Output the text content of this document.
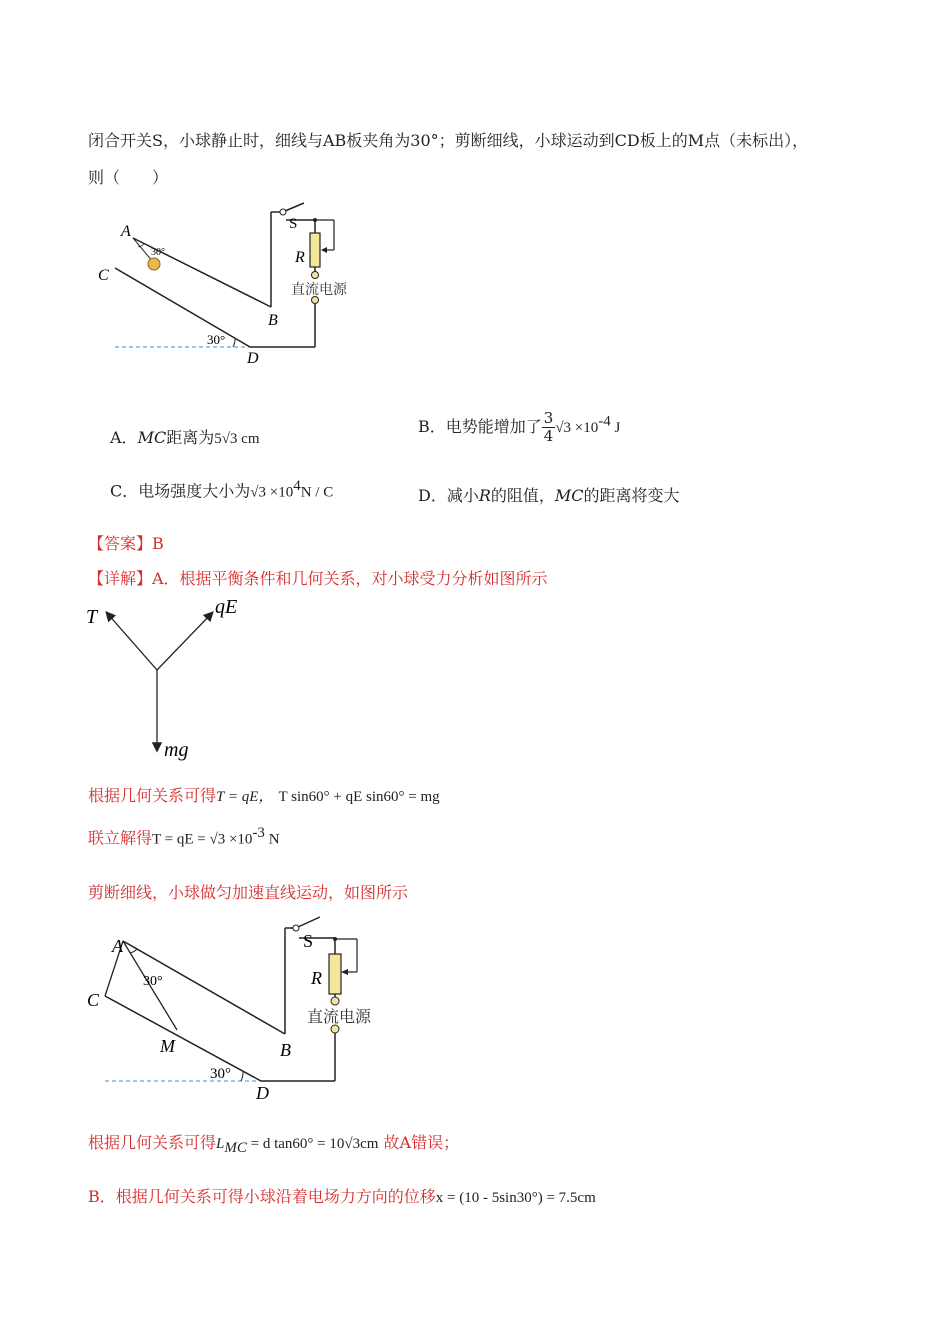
闭合开关S，小球静止时，细线与AB板夹角为30°；剪断细线，小球运动到CD板上的M点（未标出），
则（　　）
A
30°
C
B
30°
D
S
R
直流电源
A．MC距离为5√3 cm
B．电势能增加了 $\frac{3}{4} √3 \times 10^{-4}$ J
C．电场强度大小为$√3 \times 10^4N / C$	D．减小R的阻值，MC的距离将变大
【答案】B
【详解】A．根据平衡条件和几何关系，对小球受力分析如图所示
T	qE
mg
根据几何关系可得T = qE， T sin60° + qE sin60° = mg
联立解得T = qE = $√3 \times 10^{-3}$ N
剪断细线，小球做匀加速直线运动，如图所示
A
30°
C
M	B
30°
D
S
R
直流电源
根据几何关系可得$L_{MC} = d$ tan60° = 10√3cm 故A错误；
B．根据几何关系可得小球沿着电场力方向的位移x = (10 - 5sin30°) = 7.5cm
